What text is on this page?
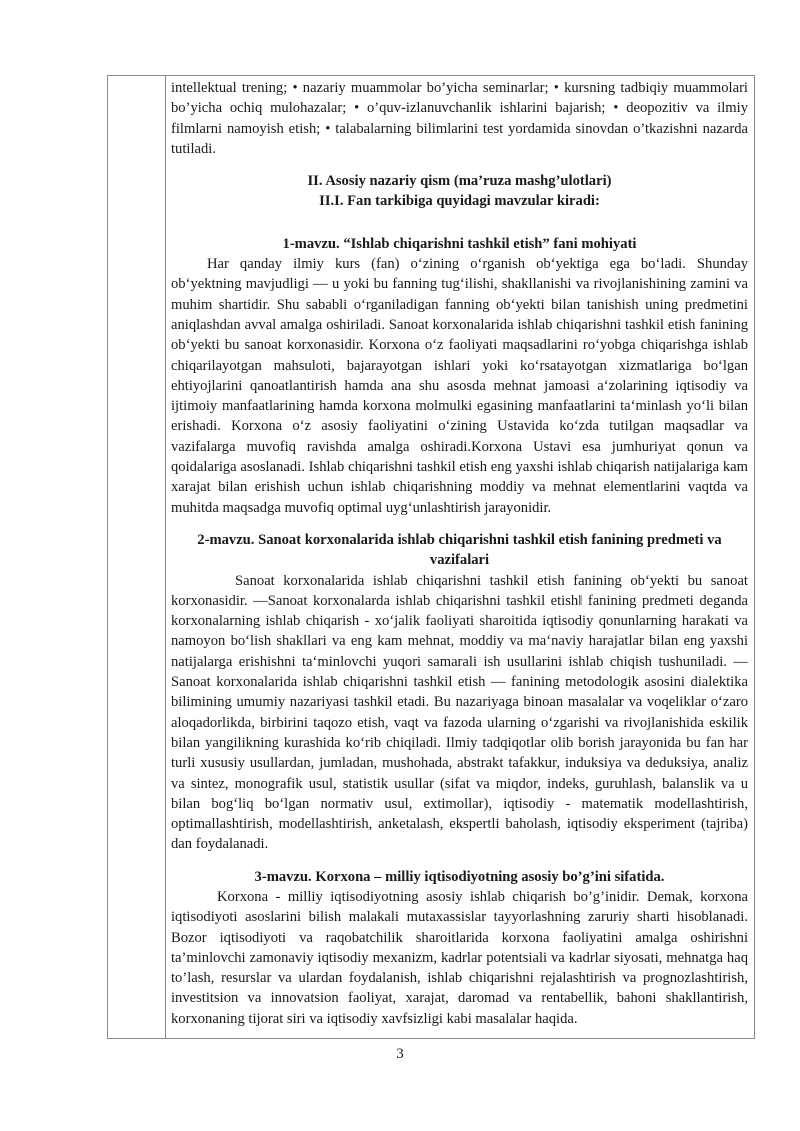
intellektual trening; • nazariy muammolar bo’yicha seminarlar; • kursning tadbiqiy muammolari bo’yicha ochiq mulohazalar; • o’quv-izlanuvchanlik ishlarini bajarish; • deopozitiv va ilmiy filmlarni namoyish etish; • talabalarning bilimlarini test yordamida sinovdan o’tkazishni nazarda tutiladi.

II. Asosiy nazariy qism (ma’ruza mashg’ulotlari)
II.I. Fan tarkibiga quyidagi mavzular kiradi:
1-mavzu. “Ishlab chiqarishni tashkil etish” fani mohiyati

Har qanday ilmiy kurs (fan) o‘zining o‘rganish ob‘yektiga ega bo‘ladi. Shunday ob‘yektning mavjudligi — u yoki bu fanning tug‘ilishi, shakllanishi va rivojlanishining zamini va muhim shartidir. Shu sababli o‘rganiladigan fanning ob‘yekti bilan tanishish uning predmetini aniqlashdan avval amalga oshiriladi. Sanoat korxonalarida ishlab chiqarishni tashkil etish fanining ob‘yekti bu sanoat korxonasidir. Korxona o‘z faoliyati maqsadlarini ro‘yobga chiqarishga ishlab chiqarilayotgan mahsuloti, bajarayotgan ishlari yoki ko‘rsatayotgan xizmatlariga bo‘lgan ehtiyojlarini qanoatlantirish hamda ana shu asosda mehnat jamoasi a‘zolarining iqtisodiy va ijtimoiy manfaatlarining hamda korxona molmulki egasining manfaatlarini ta‘minlash yo‘li bilan erishadi. Korxona o‘z asosiy faoliyatini o‘zining Ustavida ko‘zda tutilgan maqsadlar va vazifalarga muvofiq ravishda amalga oshiradi.Korxona Ustavi esa jumhuriyat qonun va qoidalariga asoslanadi. Ishlab chiqarishni tashkil etish eng yaxshi ishlab chiqarish natijalariga kam xarajat bilan erishish uchun ishlab chiqarishning moddiy va mehnat elementlarini vaqtda va muhitda maqsadga muvofiq optimal uyg‘unlashtirish jarayonidir.

2-mavzu. Sanoat korxonalarida ishlab chiqarishni tashkil etish fanining predmeti va vazifalari

Sanoat korxonalarida ishlab chiqarishni tashkil etish fanining ob‘yekti bu sanoat korxonasidir. —Sanoat korxonalarda ishlab chiqarishni tashkil etish‖ fanining predmeti deganda korxonalarning ishlab chiqarish - xo‘jalik faoliyati sharoitida iqtisodiy qonunlarning harakati va namoyon bo‘lish shakllari va eng kam mehnat, moddiy va ma‘naviy harajatlar bilan eng yaxshi natijalarga erishishni ta‘minlovchi yuqori samarali ish usullarini ishlab chiqish tushuniladi. —Sanoat korxonalarida ishlab chiqarishni tashkil etish — fanining metodologik asosini dialektika bilimining umumiy nazariyasi tashkil etadi. Bu nazariyaga binoan masalalar va voqeliklar o‘zaro aloqadorlikda, birbirini taqozo etish, vaqt va fazoda ularning o‘zgarishi va rivojlanishida eskilik bilan yangilikning kurashida ko‘rib chiqiladi. Ilmiy tadqiqotlar olib borish jarayonida bu fan har turli xususiy usullardan, jumladan, mushohada, abstrakt tafakkur, induksiya va deduksiya, analiz va sintez, monografik usul, statistik usullar (sifat va miqdor, indeks, guruhlash, balanslik va u bilan bog‘liq bo‘lgan normativ usul, extimollar), iqtisodiy - matematik modellashtirish, optimallashtirish, modellashtirish, anketalash, ekspertli baholash, iqtisodiy eksperiment (tajriba) dan foydalanadi.

3-mavzu. Korxona – milliy iqtisodiyotning asosiy bo’g’ini sifatida.

Korxona - milliy iqtisodiyotning asosiy ishlab chiqarish bo’g’inidir. Demak, korxona iqtisodiyoti asoslarini bilish malakali mutaxassislar tayyorlashning zaruriy sharti hisoblanadi. Bozor iqtisodiyoti va raqobatchilik sharoitlarida korxona faoliyatini amalga oshirishni ta’minlovchi zamonaviy iqtisodiy mexanizm, kadrlar potentsiali va kadrlar siyosati, mehnatga haq to’lash, resurslar va ulardan foydalanish, ishlab chiqarishni rejalashtirish va prognozlashtirish, investitsion va innovatsion faoliyat, xarajat, daromad va rentabellik, bahoni shakllantirish, korxonaning tijorat siri va iqtisodiy xavfsizligi kabi masalalar haqida.

3
